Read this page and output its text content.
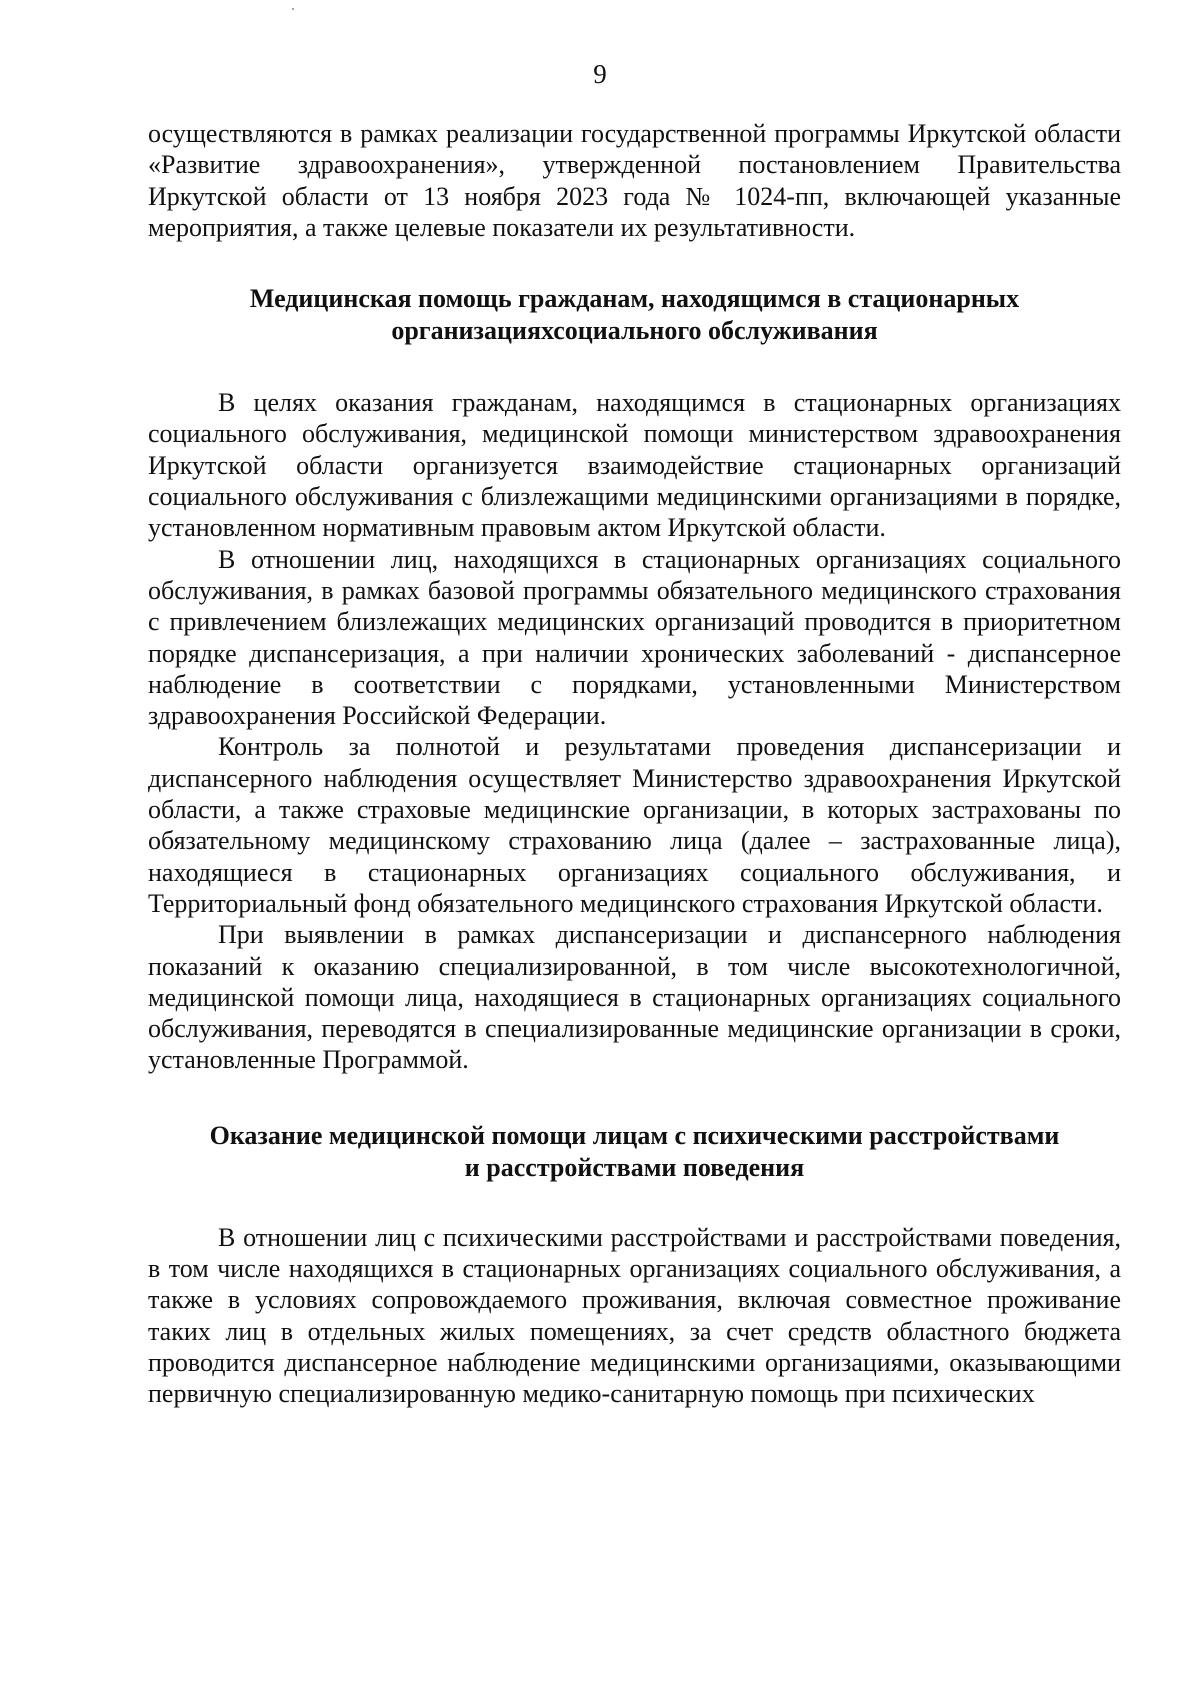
9

осуществляются в рамках реализации государственной программы Иркутской области «Развитие здравоохранения», утвержденной постановлением Правительства Иркутской области от 13 ноября 2023 года № 1024-пп, включающей указанные мероприятия, а также целевые показатели их результативности.

Медицинская помощь гражданам, находящимся в стационарных
организацияхсоциального обслуживания

В целях оказания гражданам, находящимся в стационарных организациях социального обслуживания, медицинской помощи министерством здравоохранения Иркутской области организуется взаимодействие стационарных организаций социального обслуживания с близлежащими медицинскими организациями в порядке, установленном нормативным правовым актом Иркутской области.

В отношении лиц, находящихся в стационарных организациях социального обслуживания, в рамках базовой программы обязательного медицинского страхования с привлечением близлежащих медицинских организаций проводится в приоритетном порядке диспансеризация, а при наличии хронических заболеваний - диспансерное наблюдение в соответствии с порядками, установленными Министерством здравоохранения Российской Федерации.

Контроль за полнотой и результатами проведения диспансеризации и диспансерного наблюдения осуществляет Министерство здравоохранения Иркутской области, а также страховые медицинские организации, в которых застрахованы по обязательному медицинскому страхованию лица (далее – застрахованные лица), находящиеся в стационарных организациях социального обслуживания, и Территориальный фонд обязательного медицинского страхования Иркутской области.

При выявлении в рамках диспансеризации и диспансерного наблюдения показаний к оказанию специализированной, в том числе высокотехнологичной, медицинской помощи лица, находящиеся в стационарных организациях социального обслуживания, переводятся в специализированные медицинские организации в сроки, установленные Программой.

Оказание медицинской помощи лицам с психическими расстройствами
и расстройствами поведения

В отношении лиц с психическими расстройствами и расстройствами поведения, в том числе находящихся в стационарных организациях социального обслуживания, а также в условиях сопровождаемого проживания, включая совместное проживание таких лиц в отдельных жилых помещениях, за счет средств областного бюджета проводится диспансерное наблюдение медицинскими организациями, оказывающими первичную специализированную медико-санитарную помощь при психических
